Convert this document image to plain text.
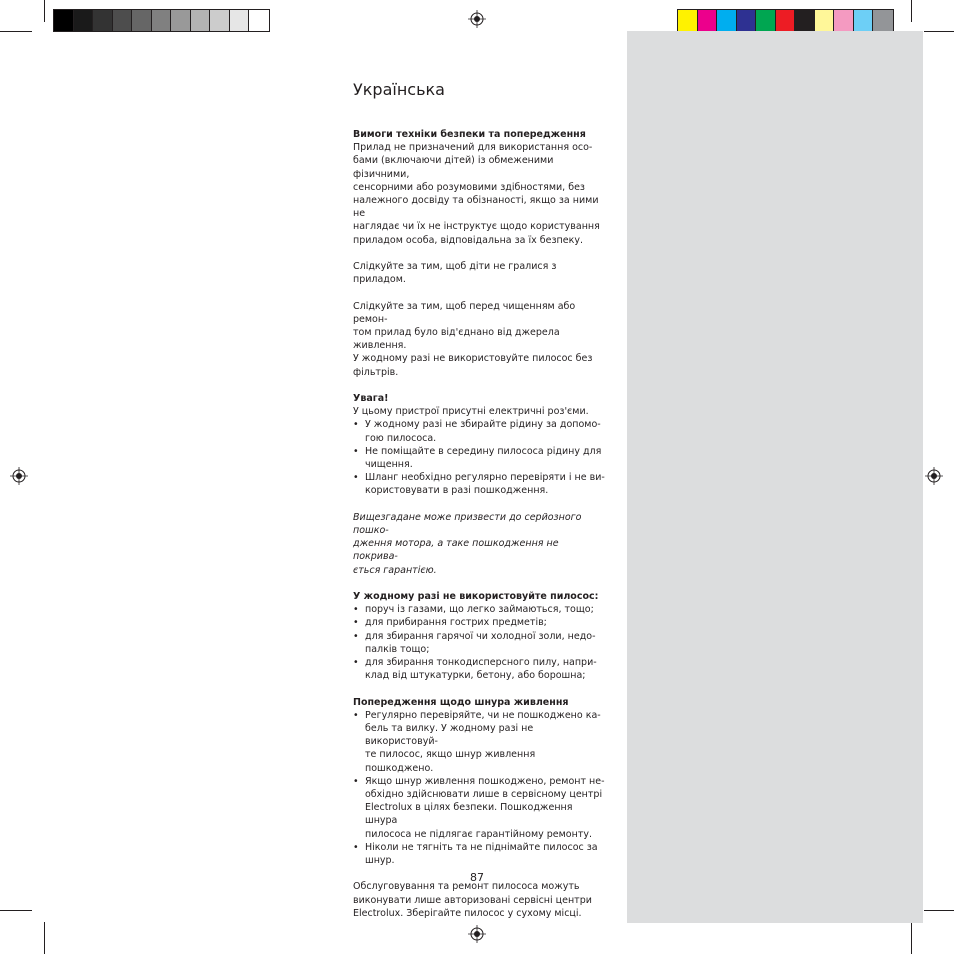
Українська

Вимоги техніки безпеки та попередження

Прилад не призначений для використання осо-

бами (включаючи дітей) із обмеженими фізичними,

сенсорними або розумовими здібностями, без

належного досвіду та обізнаності, якщо за ними не

наглядає чи їх не інструктує щодо користування

приладом особа, відповідальна за їх безпеку.

Слідкуйте за тим, щоб діти не гралися з приладом.

Слідкуйте за тим, щоб перед чищенням або ремон-

том прилад було від'єднано від джерела живлення.

У жодному разі не використовуйте пилосос без

фільтрів.

Увага!

У цьому пристрої присутні електричні роз'єми.

• У жодному разі не збирайте рідину за допомо-
гою пилососа.
• Не поміщайте в середину пилососа рідину для
чищення.
• Шланг необхідно регулярно перевіряти і не ви-
користовувати в разі пошкодження.

Вищезгадане може призвести до серйозного пошко-

дження мотора, а таке пошкодження не покрива-

ється гарантією.

У жодному разі не використовуйте пилосос:

• поруч із газами, що легко займаються, тощо;
• для прибирання гострих предметів;
• для збирання гарячої чи холодної золи, недо-
палків тощо;
• для збирання тонкодисперсного пилу, напри-
клад від штукатурки, бетону, або борошна;

Попередження щодо шнура живлення

• Регулярно перевіряйте, чи не пошкоджено ка-
бель та вилку. У жодному разі не використовуй-
те пилосос, якщо шнур живлення пошкоджено.
• Якщо шнур живлення пошкоджено, ремонт не-
обхідно здійснювати лише в сервісному центрі
Electrolux в цілях безпеки. Пошкодження шнура
пилососа не підлягає гарантійному ремонту.
• Ніколи не тягніть та не піднімайте пилосос за
шнур.

Обслуговування та ремонт пилососа можуть

виконувати лише авторизовані сервісні центри

Electrolux. Зберігайте пилосос у сухому місці.

87
